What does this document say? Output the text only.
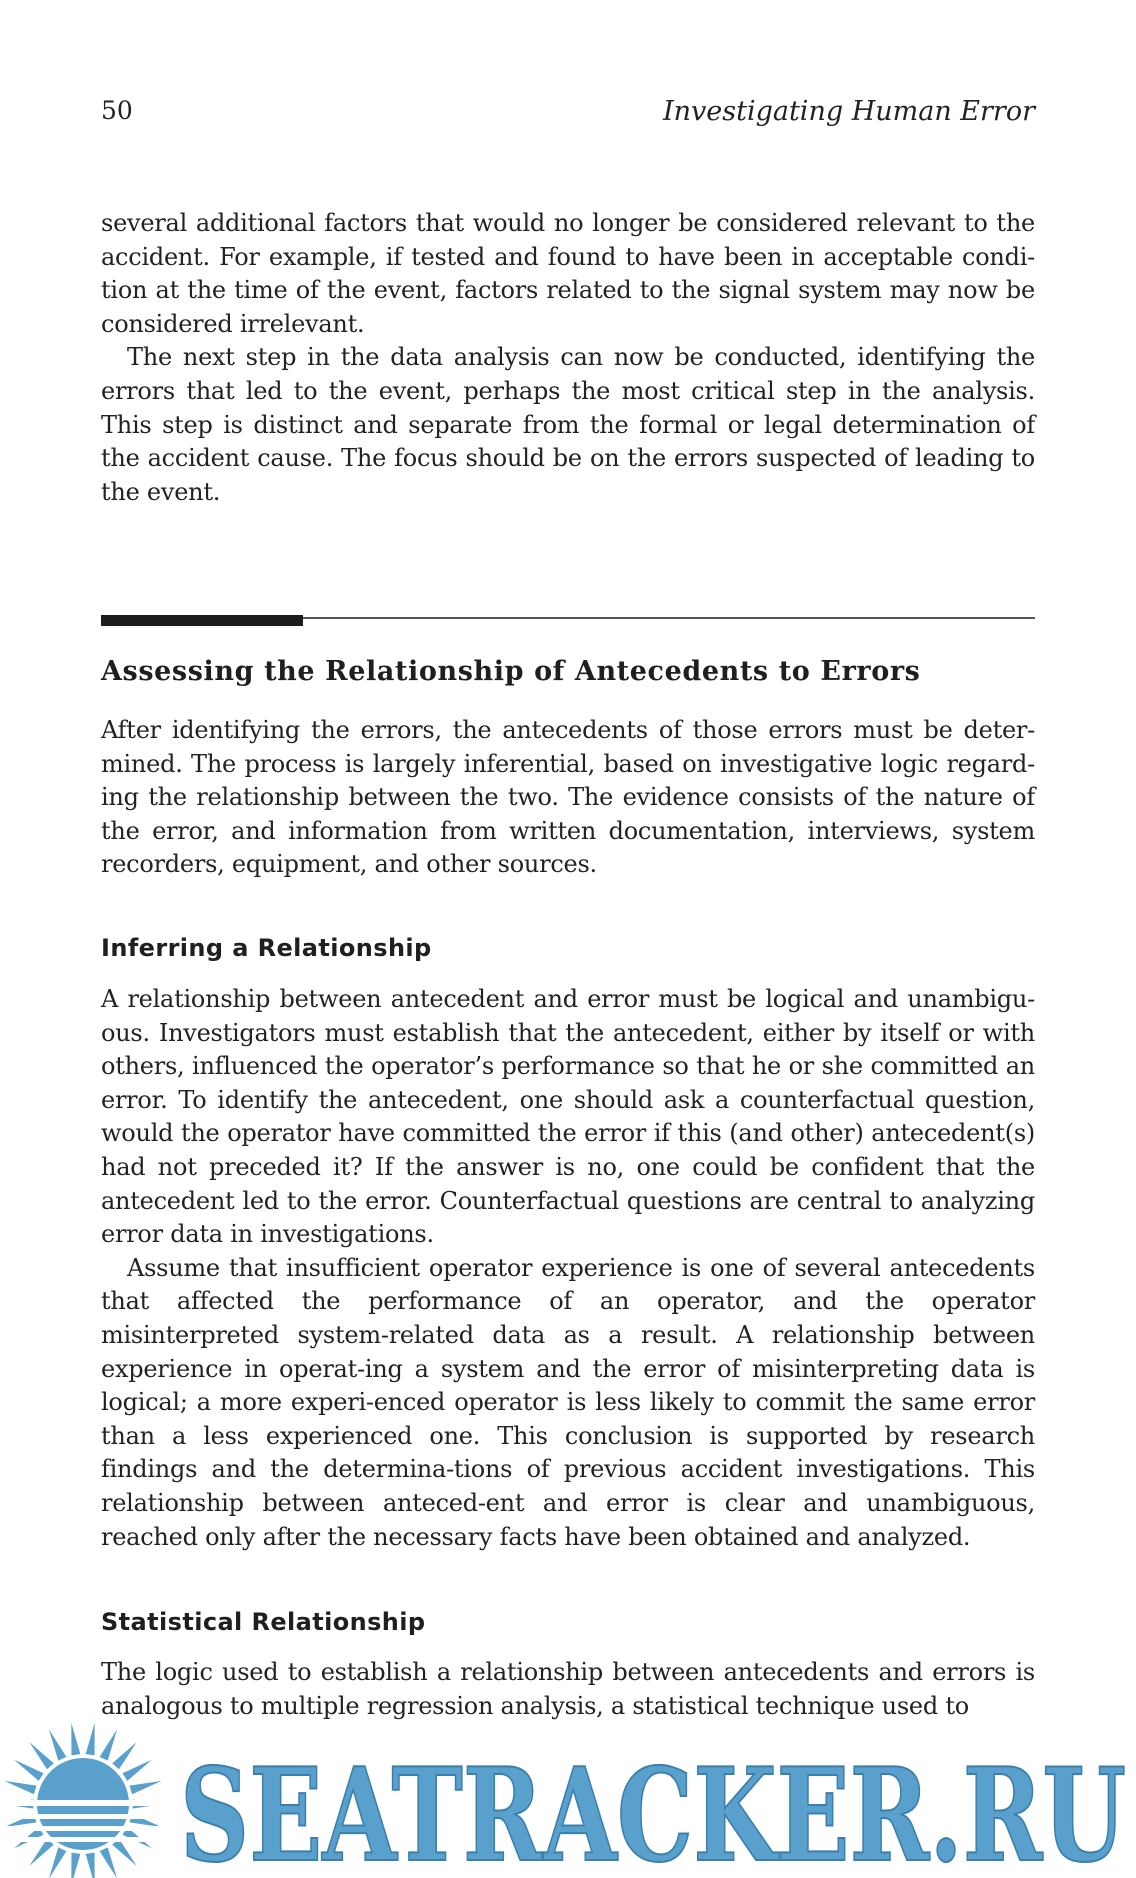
50	Investigating Human Error

several additional factors that would no longer be considered relevant to the accident. For example, if tested and found to have been in acceptable condi-tion at the time of the event, factors related to the signal system may now be considered irrelevant.

The next step in the data analysis can now be conducted, identifying the errors that led to the event, perhaps the most critical step in the analysis. This step is distinct and separate from the formal or legal determination of the accident cause. The focus should be on the errors suspected of leading to the event.

Assessing the Relationship of Antecedents to Errors

After identifying the errors, the antecedents of those errors must be deter-mined. The process is largely inferential, based on investigative logic regard-ing the relationship between the two. The evidence consists of the nature of the error, and information from written documentation, interviews, system recorders, equipment, and other sources.

Inferring a Relationship

A relationship between antecedent and error must be logical and unambigu-ous. Investigators must establish that the antecedent, either by itself or with others, influenced the operator’s performance so that he or she committed an error. To identify the antecedent, one should ask a counterfactual question, would the operator have committed the error if this (and other) antecedent(s) had not preceded it? If the answer is no, one could be confident that the antecedent led to the error. Counterfactual questions are central to analyzing error data in investigations.

Assume that insufficient operator experience is one of several antecedents that affected the performance of an operator, and the operator misinterpreted system-related data as a result. A relationship between experience in operat-ing a system and the error of misinterpreting data is logical; a more experi-enced operator is less likely to commit the same error than a less experienced one. This conclusion is supported by research findings and the determina-tions of previous accident investigations. This relationship between anteced-ent and error is clear and unambiguous, reached only after the necessary facts have been obtained and analyzed.

Statistical Relationship

The logic used to establish a relationship between antecedents and errors is analogous to multiple regression analysis, a statistical technique used to

SEATRACKER.RU
